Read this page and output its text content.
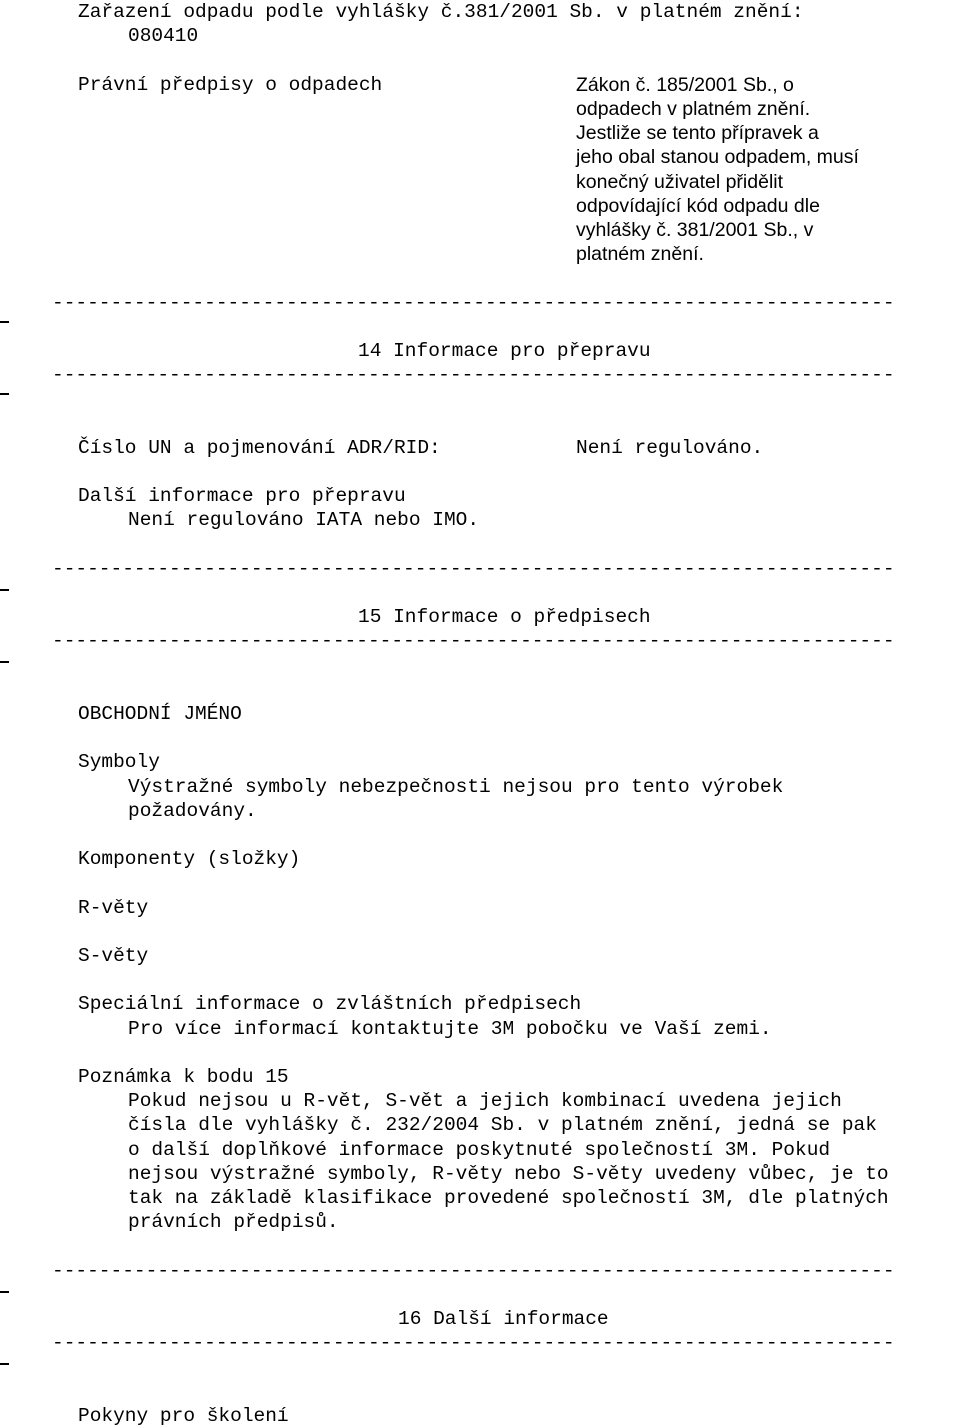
Zařazení odpadu podle vyhlášky č.381/2001 Sb. v platném znění:
080410
Právní předpisy o odpadech	Zákon č. 185/2001 Sb., o
odpadech v platném znění.
Jestliže se tento přípravek a
jeho obal stanou odpadem, musí
konečný uživatel přidělit
odpovídající kód odpadu dle
vyhlášky č. 381/2001 Sb., v
platném znění.
------------------------------------------------------------------------
14 Informace pro přepravu
------------------------------------------------------------------------
Číslo UN a pojmenování ADR/RID:	Není regulováno.
Další informace pro přepravu
Není regulováno IATA nebo IMO.
------------------------------------------------------------------------
15 Informace o předpisech
------------------------------------------------------------------------
OBCHODNÍ JMÉNO
Symboly
Výstražné symboly nebezpečnosti nejsou pro tento výrobek
požadovány.
Komponenty (složky)
R-věty
S-věty
Speciální informace o zvláštních předpisech
Pro více informací kontaktujte 3M pobočku ve Vaší zemi.
Poznámka k bodu 15
Pokud nejsou u R-vět, S-vět a jejich kombinací uvedena jejich
čísla dle vyhlášky č. 232/2004 Sb. v platném znění, jedná se pak
o další doplňkové informace poskytnuté společností 3M. Pokud
nejsou výstražné symboly, R-věty nebo S-věty uvedeny vůbec, je to
tak na základě klasifikace provedené společností 3M, dle platných
právních předpisů.
------------------------------------------------------------------------
16 Další informace
------------------------------------------------------------------------
Pokyny pro školení
